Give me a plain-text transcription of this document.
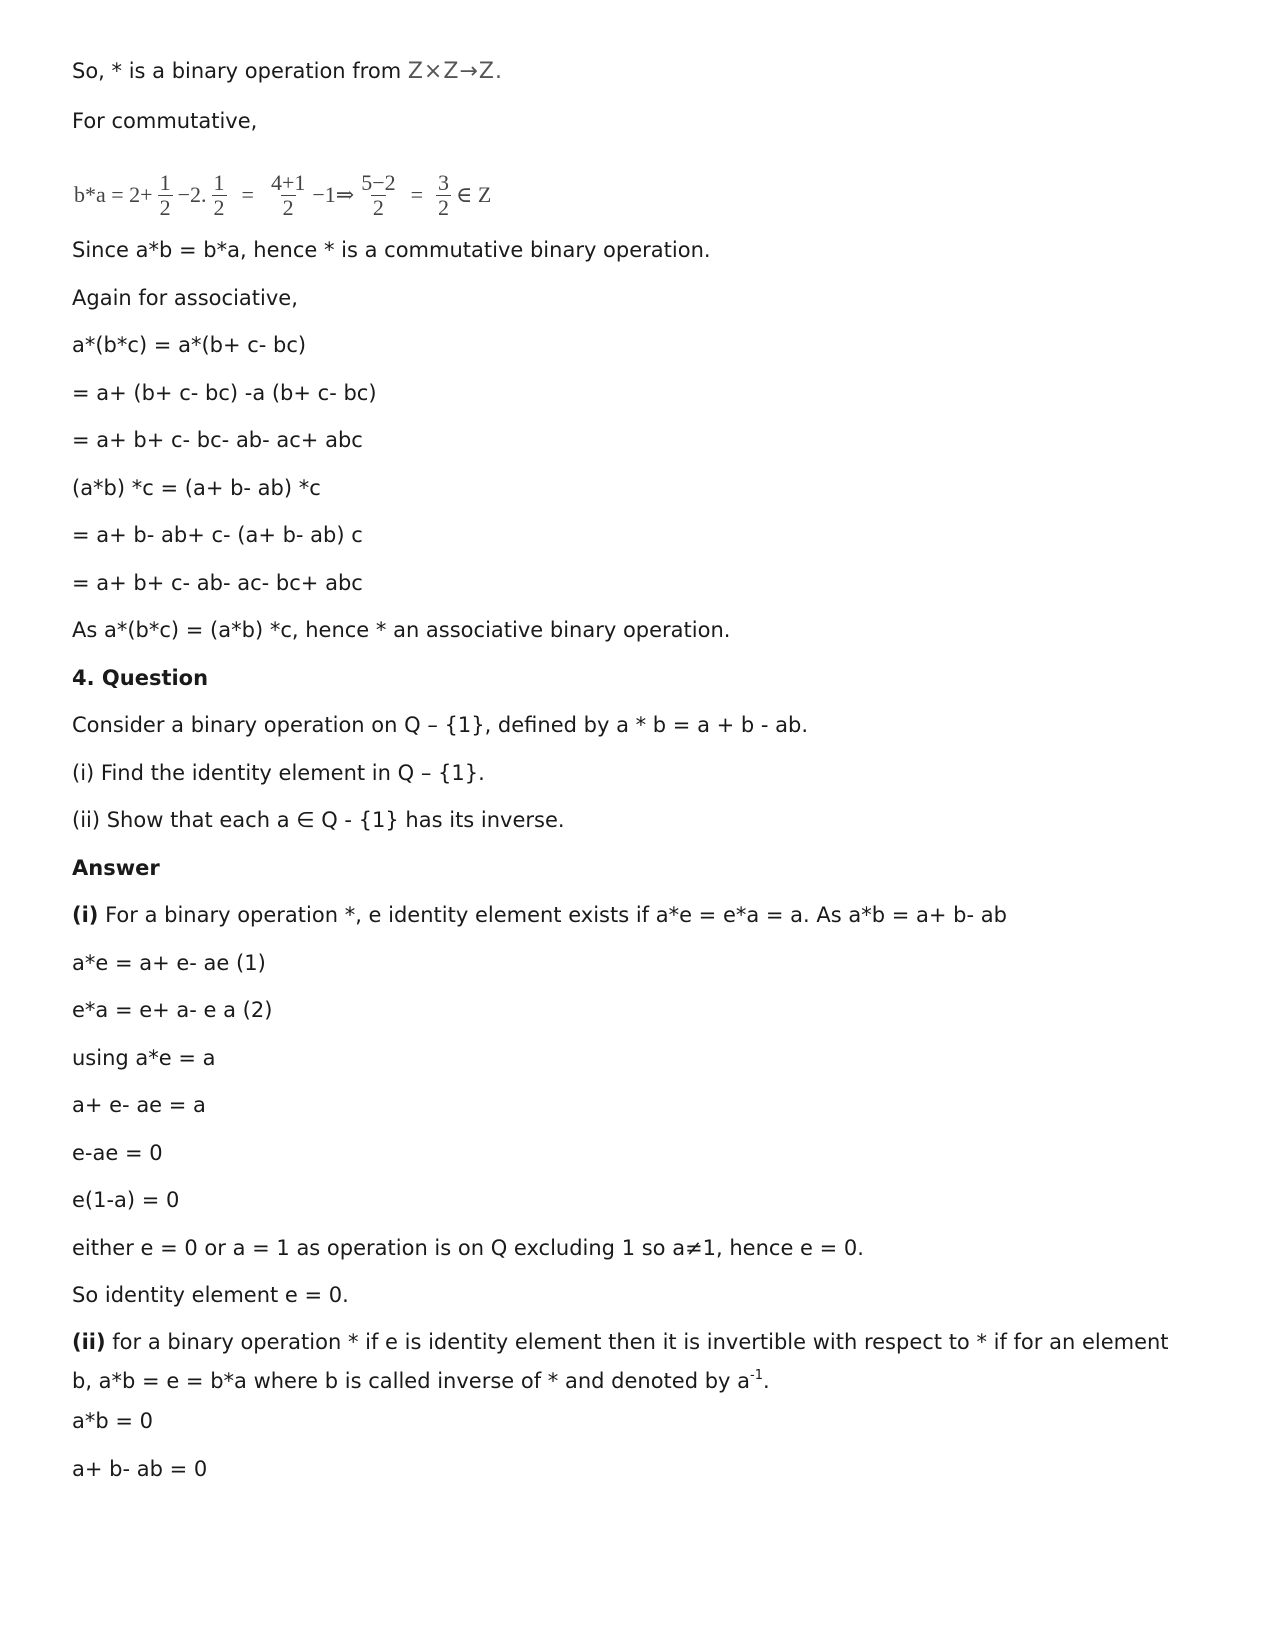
So, * is a binary operation from Z×Z→Z.
For commutative,
$b*a = 2+ \frac{1}{2} -2$. $\frac{1}{2} = \frac{4+1}{2}$ −1⇒ $\frac{5-2}{2} = \frac{3}{2}$ ∈ Z
Since a*b = b*a, hence * is a commutative binary operation.
Again for associative,
a*(b*c) = a*(b+ c- bc)
= a+ (b+ c- bc) -a (b+ c- bc)
= a+ b+ c- bc- ab- ac+ abc
(a*b) *c = (a+ b- ab) *c
= a+ b- ab+ c- (a+ b- ab) c
= a+ b+ c- ab- ac- bc+ abc
As a*(b*c) = (a*b) *c, hence * an associative binary operation.
4. Question
Consider a binary operation on Q – {1}, defined by a * b = a + b - ab.
(i) Find the identity element in Q – {1}.
(ii) Show that each a ∈ Q - {1} has its inverse.
Answer
(i) For a binary operation *, e identity element exists if a*e = e*a = a. As a*b = a+ b- ab
a*e = a+ e- ae (1)
e*a = e+ a- e a (2)
using a*e = a
a+ e- ae = a
e-ae = 0
e(1-a) = 0
either e = 0 or a = 1 as operation is on Q excluding 1 so a≠1, hence e = 0.
So identity element e = 0.
(ii) for a binary operation * if e is identity element then it is invertible with respect to * if for an element b, a*b = e = b*a where b is called inverse of * and denoted by $a^{-1}$.
a*b = 0
a+ b- ab = 0
